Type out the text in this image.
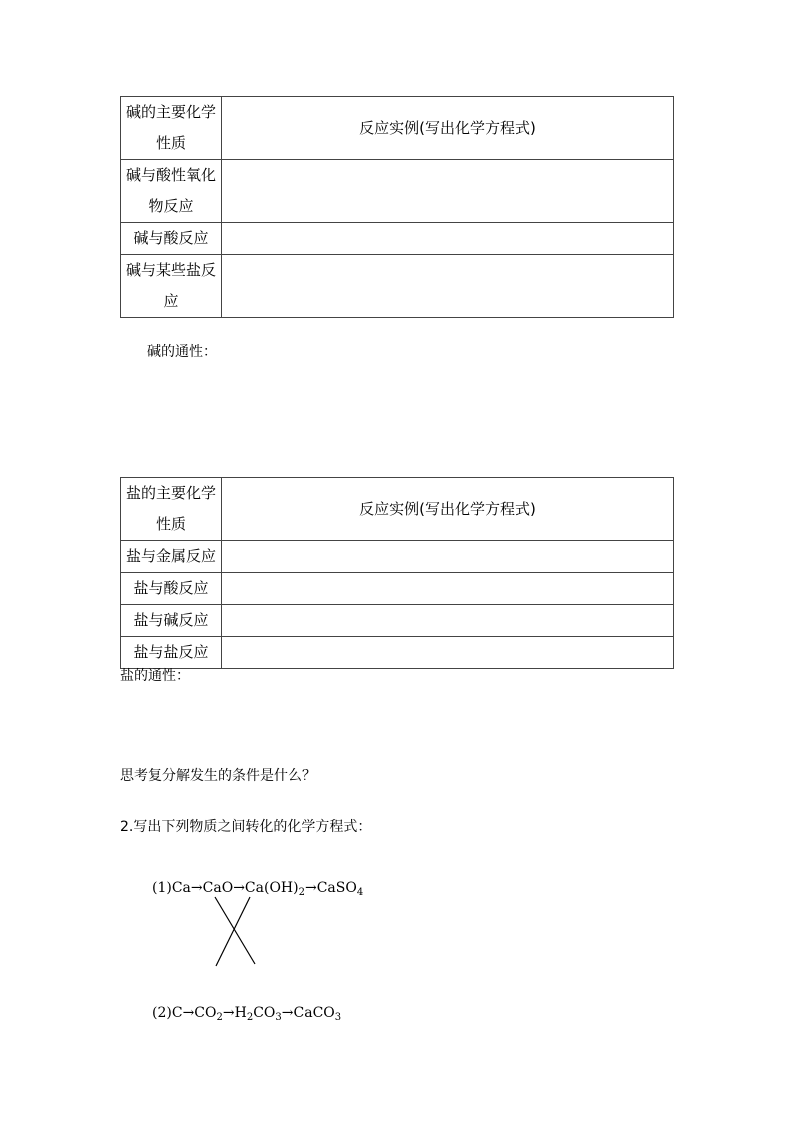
碱的主要化学性质	反应实例(写出化学方程式)
碱与酸性氧化物反应	
碱与酸反应	
碱与某些盐反应	
碱的通性：
盐的主要化学性质	反应实例(写出化学方程式)
盐与金属反应	
盐与酸反应	
盐与碱反应	
盐与盐反应	
盐的通性：
思考复分解发生的条件是什么？
2.写出下列物质之间转化的化学方程式：
$(1)Ca\to CaO\to Ca(OH)_2\to CaSO_4$
$(2)C\to CO_2\to H_2CO_3\to CaCO_3$
